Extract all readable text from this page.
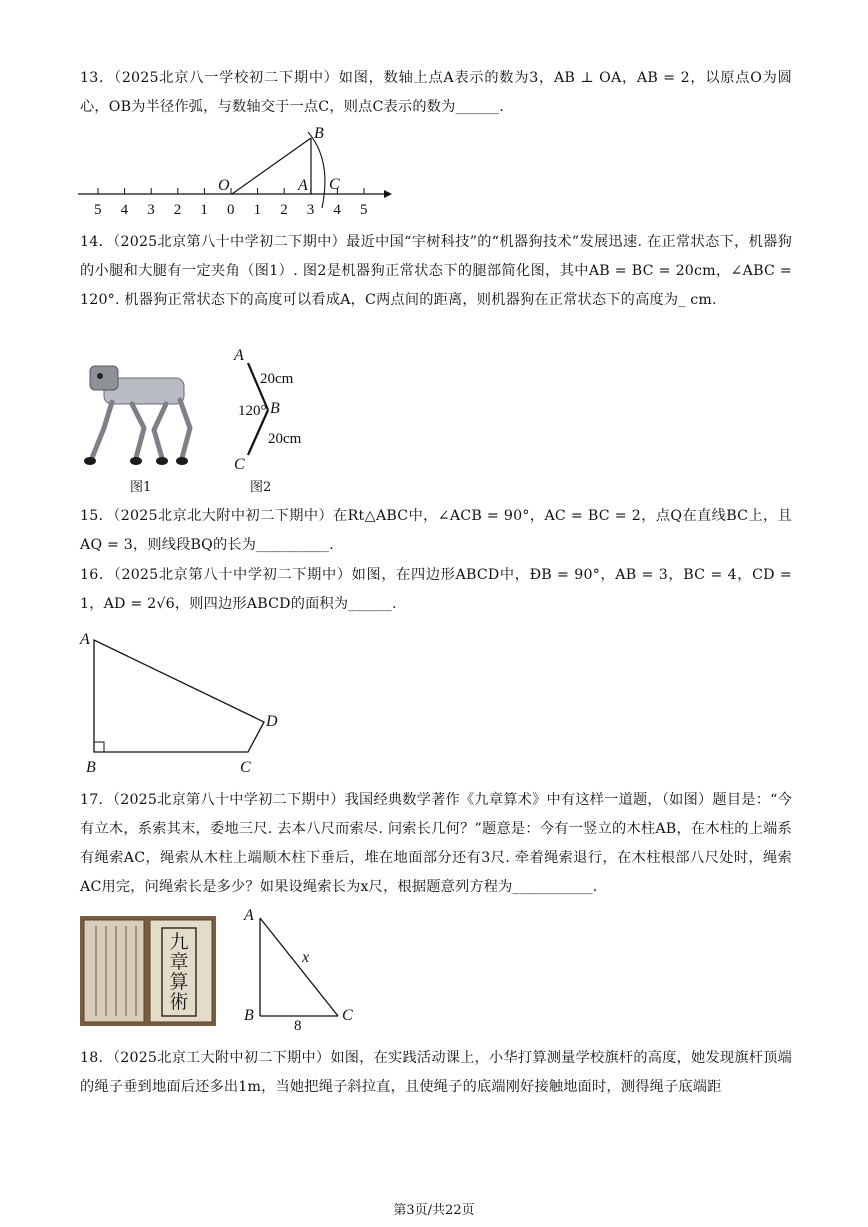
13．（2025北京八一学校初二下期中）如图，数轴上点A表示的数为3，AB ⊥ OA，AB = 2，以原点O为圆心，OB为半径作弧，与数轴交于一点C，则点C表示的数为______.
5 4 3 2 1 0 1 2 3 4 5
O	A
B
C
14．（2025北京第八十中学初二下期中）最近中国“宇树科技”的“机器狗技术”发展迅速. 在正常状态下，机器狗的小腿和大腿有一定夹角（图1）. 图2是机器狗正常状态下的腿部简化图，其中AB = BC = 20cm，∠ABC = 120°. 机器狗正常状态下的高度可以看成A，C两点间的距离，则机器狗在正常状态下的高度为_ cm.
图1
A
B
C
20cm
20cm
120°
图2
15．（2025北京北大附中初二下期中）在Rt△ABC中，∠ACB = 90°，AC = BC = 2，点Q在直线BC上，且AQ = 3，则线段BQ的长为__________.
16．（2025北京第八十中学初二下期中）如图，在四边形ABCD中，ÐB = 90°，AB = 3，BC = 4，CD = 1，AD = 2√6，则四边形ABCD的面积为______.
A
B	C
D
17．（2025北京第八十中学初二下期中）我国经典数学著作《九章算术》中有这样一道题，（如图）题目是：“今有立木，系索其末，委地三尺. 去本八尺而索尽. 问索长几何？”题意是：今有一竖立的木柱AB，在木柱的上端系有绳索AC，绳索从木柱上端顺木柱下垂后，堆在地面部分还有3尺. 牵着绳索退行，在木柱根部八尺处时，绳索AC用完，问绳索长是多少？如果设绳索长为x尺，根据题意列方程为___________.
九章算術
A
B	C
x
8
18．（2025北京工大附中初二下期中）如图，在实践活动课上，小华打算测量学校旗杆的高度，她发现旗杆顶端的绳子垂到地面后还多出1m，当她把绳子斜拉直，且使绳子的底端刚好接触地面时，测得绳子底端距
第3页/共22页
